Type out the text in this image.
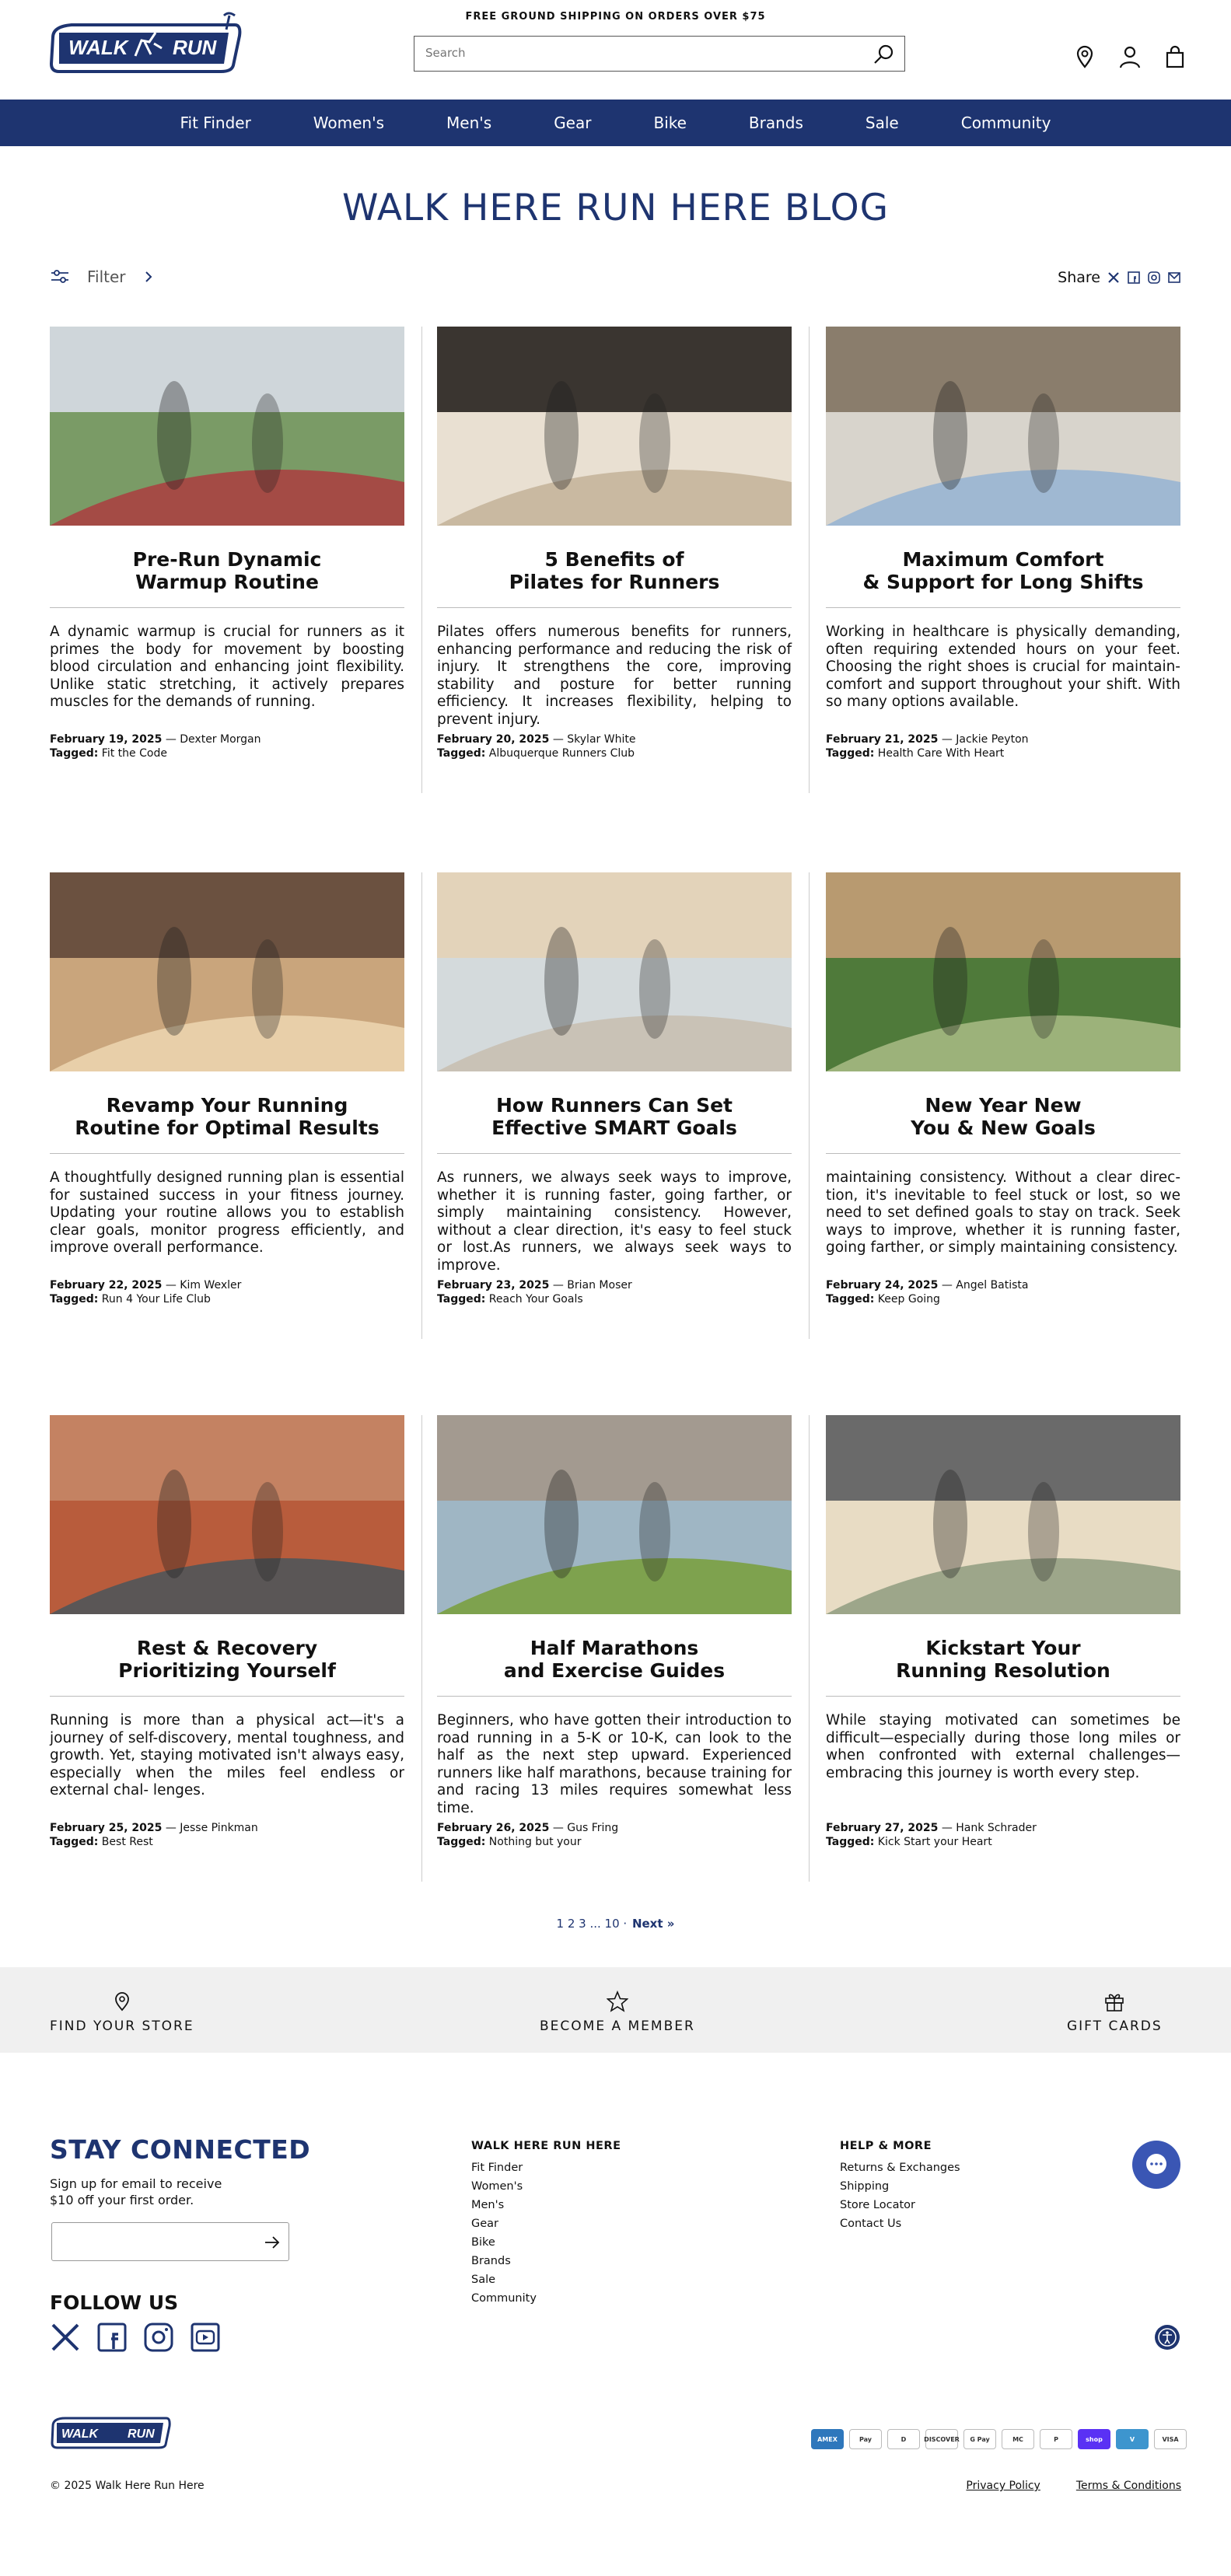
FREE GROUND SHIPPING ON ORDERS OVER $75
WALK RUN
Search
Fit Finder	Women's	Men's	Gear	Bike	Brands	Sale	Community
WALK HERE RUN HERE BLOG
Filter	Share
Pre-Run Dynamic
Warmup Routine

A dynamic warmup is crucial for runners as it primes the body for movement by boosting blood circulation and enhancing joint flexibility. Unlike static stretching, it actively prepares muscles for the demands of running.

February 19, 2025 — Dexter Morgan
Tagged: Fit the Code
5 Benefits of
Pilates for Runners

Pilates offers numerous benefits for runners, enhancing performance and reducing the risk of injury. It strengthens the core, improving stability and posture for better running efficiency. It increases flexibility, helping to prevent injury.

February 20, 2025 — Skylar White
Tagged: Albuquerque Runners Club
Maximum Comfort
& Support for Long Shifts

Working in healthcare is physically demanding, often requiring extended hours on your feet. Choosing the right shoes is crucial for maintain- comfort and support throughout your shift. With so many options available.

February 21, 2025 — Jackie Peyton
Tagged: Health Care With Heart
Revamp Your Running
Routine for Optimal Results

A thoughtfully designed running plan is essential for sustained success in your fitness journey. Updating your routine allows you to establish clear goals, monitor progress efficiently, and improve overall performance.

February 22, 2025 — Kim Wexler
Tagged: Run 4 Your Life Club
How Runners Can Set
Effective SMART Goals

As runners, we always seek ways to improve, whether it is running faster, going farther, or simply maintaining consistency. However, without a clear direction, it's easy to feel stuck or lost.As runners, we always seek ways to improve.

February 23, 2025 — Brian Moser
Tagged: Reach Your Goals
New Year New
You & New Goals

maintaining consistency. Without a clear direc- tion, it's inevitable to feel stuck or lost, so we need to set defined goals to stay on track. Seek ways to improve, whether it is running faster, going farther, or simply maintaining consistency.

February 24, 2025 — Angel Batista
Tagged: Keep Going
Rest & Recovery
Prioritizing Yourself

Running is more than a physical act—it's a journey of self-discovery, mental toughness, and growth. Yet, staying motivated isn't always easy, especially when the miles feel endless or external chal- lenges.

February 25, 2025 — Jesse Pinkman
Tagged: Best Rest
Half Marathons
and Exercise Guides

Beginners, who have gotten their introduction to road running in a 5-K or 10-K, can look to the half as the next step upward. Experienced runners like half marathons, because training for and racing 13 miles requires somewhat less time.

February 26, 2025 — Gus Fring
Tagged: Nothing but your
Kickstart Your
Running Resolution

While staying motivated can sometimes be difficult—especially during those long miles or when confronted with external challenges—embracing this journey is worth every step.

February 27, 2025 — Hank Schrader
Tagged: Kick Start your Heart
1 2 3 ... 10 · Next »
FIND YOUR STORE	BECOME A MEMBER	GIFT CARDS
STAY CONNECTED
Sign up for email to receive
$10 off your first order.
FOLLOW US
WALK HERE RUN HERE
Fit Finder
Women's
Men's
Gear
Bike
Brands
Sale
Community
HELP & MORE
Returns & Exchanges
Shipping
Store Locator
Contact Us
WALK RUN	AMEX	Pay	D	DISCOVER	G Pay	MC	P	shop	V	VISA
© 2025 Walk Here Run Here	Privacy Policy	Terms & Conditions
